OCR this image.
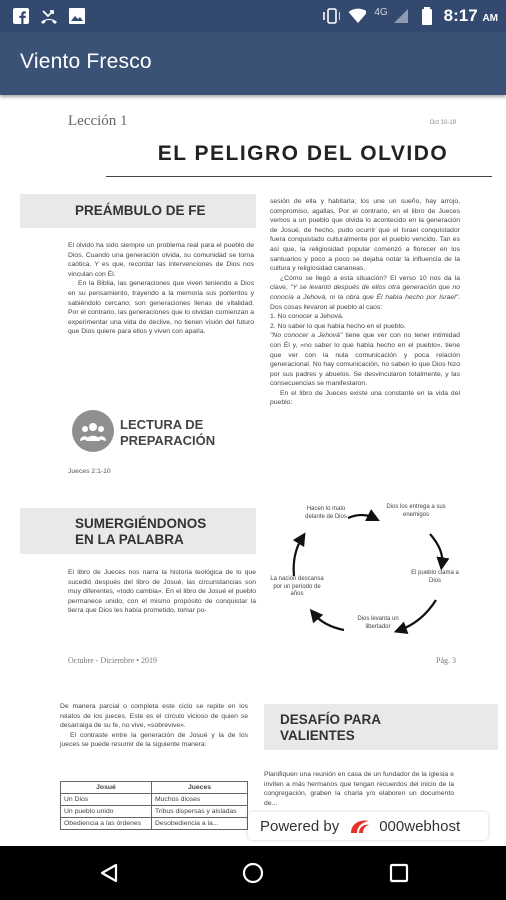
4G	8:17 AM
Viento Fresco
Lección 1	Oct 10-19
EL PELIGRO DEL OLVIDO
PREÁMBULO DE FE

El olvido ha sido siempre un problema real para el pueblo de Dios. Cuando una generación olvida, su comunidad se torna caótica. Y es que, recordar las intervenciones de Dios nos vinculan con Él.

En la Biblia, las generaciones que viven teniendo a Dios en su pensamiento, trayendo a la memoria sus portentos y sabiéndolo cercano; son generaciones llenas de vitalidad. Por el contrario, las generaciones que lo olvidan comienzan a experimentar una vida de declive, no tienen visión del futuro que Dios quiere para ellos y viven con apatía.

LECTURA DE
PREPARACIÓN
Jueces 2:1-10
SUMERGIÉNDONOS
EN LA PALABRA

El libro de Jueces nos narra la historia teológica de lo que sucedió después del libro de Josué, las circunstancias son muy diferentes, «todo cambia». En el libro de Josué el pueblo permanece unido, con el mismo propósito de conquistar la tierra que Dios les había prometido, tomar po-

sesión de ella y habitarla; los une un sueño, hay arrojo, compromiso, agallas. Por el contrario, en el libro de Jueces vemos a un pueblo que olvida lo acontecido en la generación de Josué, de hecho, pudo ocurrir que el Israel conquistador fuera conquistado culturalmente por el pueblo vencido. Tan es así que, la religiosidad popular comenzó a florecer en los santuarios y poco a poco se dejaba notar la influencia de la cultura y religiosidad cananeas.

¿Cómo se llegó a esta situación? El verso 10 nos da la clave, "Y se levantó después de ellos otra generación que no conocía a Jehová, ni la obra que Él había hecho por Israel". Dos cosas llevaron al pueblo al caos:

1. No conocer a Jehová.

2. No saber lo que había hecho en el pueblo.

"No conocer a Jehová" tiene que ver con no tener intimidad con Él y, «no saber lo que había hecho en el pueblo», tiene que ver con la nula comunicación y poca relación generacional. No hay comunicación, no saben lo que Dios hizo por sus padres y abuelos. Se desvincularon totalmente, y las consecuencias se manifestaron.

En el libro de Jueces existe una constante en la vida del pueblo:

Hacen lo malo delante de Dios
Dios los entrega a sus enemigos
El pueblo clama a Dios
Dios levanta un libertador
La nación descansa por un período de años
Octubre - Diciembre • 2019	Pág. 3

De manera parcial o completa este ciclo se repite en los relatos de los jueces. Este es el círculo vicioso de quien se desarraiga de su fe, no vive, «sobrevive».

El contraste entre la generación de Josué y la de los jueces se puede resumir de la siguiente manera:

Josué	Jueces
Un Dios	Muchos dioses
Un pueblo unido	Tribus dispersas y aisladas
Obediencia a las órdenes	Desobediencia a la...
DESAFÍO PARA
VALIENTES

Planifiquen una reunión en casa de un fundador de la iglesia e inviten a más hermanos que tengan recuerdos del inicio de la congregación, graben la charla y/o elaboren un documento de...

Powered by	000webhost
